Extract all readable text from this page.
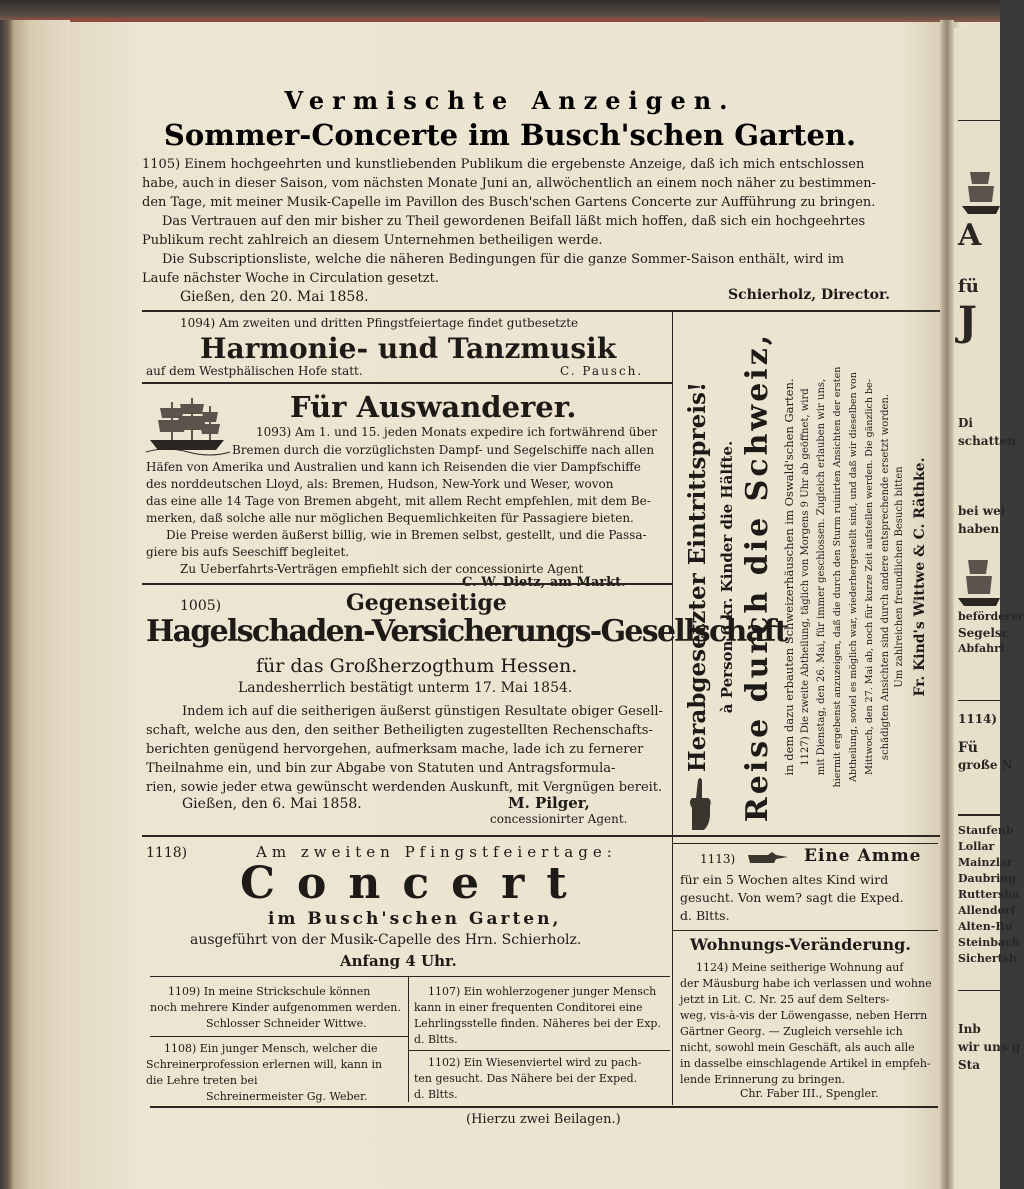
Vermischte Anzeigen.
Sommer-Concerte im Busch'schen Garten.
1105) Einem hochgeehrten und kunstliebenden Publikum die ergebenste Anzeige, daß ich mich entschlossen
habe, auch in dieser Saison, vom nächsten Monate Juni an, allwöchentlich an einem noch näher zu bestimmen-
den Tage, mit meiner Musik-Capelle im Pavillon des Busch'schen Gartens Concerte zur Aufführung zu bringen.
Das Vertrauen auf den mir bisher zu Theil gewordenen Beifall läßt mich hoffen, daß sich ein hochgeehrtes
Publikum recht zahlreich an diesem Unternehmen betheiligen werde.
Die Subscriptionsliste, welche die näheren Bedingungen für die ganze Sommer-Saison enthält, wird im
Laufe nächster Woche in Circulation gesetzt.
Gießen, den 20. Mai 1858.	Schierholz, Director.
1094) Am zweiten und dritten Pfingstfeiertage findet gutbesetzte
Harmonie- und Tanzmusik
auf dem Westphälischen Hofe statt.	C. Pausch.
Für Auswanderer.
1093) Am 1. und 15. jeden Monats expedire ich fortwährend über
Bremen durch die vorzüglichsten Dampf- und Segelschiffe nach allen
Häfen von Amerika und Australien und kann ich Reisenden die vier Dampfschiffe
des norddeutschen Lloyd, als: Bremen, Hudson, New-York und Weser, wovon
das eine alle 14 Tage von Bremen abgeht, mit allem Recht empfehlen, mit dem Be-
merken, daß solche alle nur möglichen Bequemlichkeiten für Passagiere bieten.
Die Preise werden äußerst billig, wie in Bremen selbst, gestellt, und die Passa-
giere bis aufs Seeschiff begleitet.
Zu Ueberfahrts-Verträgen empfiehlt sich der concessionirte Agent
1005)	Gegenseitige
Hagelschaden-Versicherungs-Gesellschaft
für das Großherzogthum Hessen.
Landesherrlich bestätigt unterm 17. Mai 1854.
Indem ich auf die seitherigen äußerst günstigen Resultate obiger Gesell-
schaft, welche aus den, den seither Betheiligten zugestellten Rechenschafts-
berichten genügend hervorgehen, aufmerksam mache, lade ich zu fernerer
Theilnahme ein, und bin zur Abgabe von Statuten und Antragsformula-
rien, sowie jeder etwa gewünscht werdenden Auskunft, mit Vergnügen bereit.
Gießen, den 6. Mai 1858.	M. Pilger,
concessionirter Agent.
Herabgesetzter Eintrittspreis! à Person 6 kr. Kinder die Hälfte. Reise durch die Schweiz, in dem dazu erbauten Schweizerhäuschen im Oswald'schen Garten. 1127) Die zweite Abtheilung, täglich von Morgens 9 Uhr ab geöffnet, wird mit Dienstag, den 26. Mai, für immer geschlossen. Zugleich erlauben wir uns, hiermit ergebenst anzuzeigen, daß die durch den Sturm ruinirten Ansichten der ersten Abtheilung, soviel es möglich war, wiederhergestellt sind, und daß wir dieselben von Mittwoch, den 27. Mai ab, noch für kurze Zeit aufstellen werden. Die gänzlich be- schädigten Ansichten sind durch andere entsprechende ersetzt worden. Um zahlreichen freundlichen Besuch bitten Fr. Kind's Wittwe & C. Räthke.
1118)	Am zweiten Pfingstfeiertage:
Concert
im Busch'schen Garten,
ausgeführt von der Musik-Capelle des Hrn. Schierholz.
Anfang 4 Uhr.
1109) In meine Strickschule können
noch mehrere Kinder aufgenommen werden.
Schlosser Schneider Wittwe.
1108) Ein junger Mensch, welcher die
Schreinerprofession erlernen will, kann in
die Lehre treten bei
Schreinermeister Gg. Weber.
1107) Ein wohlerzogener junger Mensch
kann in einer frequenten Conditorei eine
Lehrlingsstelle finden. Näheres bei der Exp.
d. Bltts.
1102) Ein Wiesenviertel wird zu pach-
ten gesucht. Das Nähere bei der Exped.
d. Bltts.
1113)	Eine Amme
für ein 5 Wochen altes Kind wird
gesucht. Von wem? sagt die Exped.
d. Bltts.
Wohnungs-Veränderung.
1124) Meine seitherige Wohnung auf
der Mäusburg habe ich verlassen und wohne
jetzt in Lit. C. Nr. 25 auf dem Selters-
weg, vis-à-vis der Löwengasse, neben Herrn
Gärtner Georg. — Zugleich versehle ich
nicht, sowohl mein Geschäft, als auch alle
in dasselbe einschlagende Artikel in empfeh-
lende Erinnerung zu bringen.
Chr. Faber III., Spengler.
(Hierzu zwei Beilagen.)
A
fü
J
Di
schatten
bei wel
haben
beförderer
Segelsc
Abfahrt
1114)
Fü
große N
Staufenb
Lollar
Mainzlar
Daubring
Ruttersha
Allendorf
Alten-Bu
Steinbach
Sichertsh
Inb
wir uns g
Sta
